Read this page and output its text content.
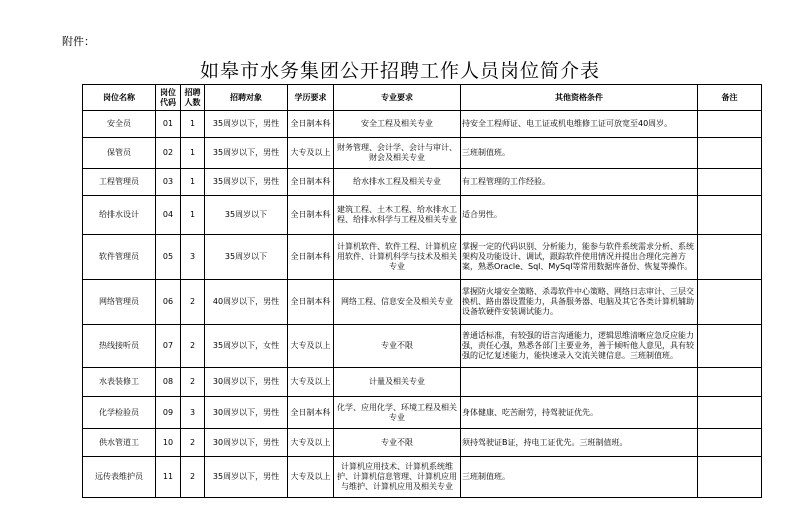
附件：
如皋市水务集团公开招聘工作人员岗位简介表
岗位名称	岗位代码	招聘人数	招聘对象	学历要求	专业要求	其他资格条件	备注
安全员	01	1	35周岁以下，男性	全日制本科	安全工程及相关专业	持安全工程师证、电工证或机电维修工证可放宽至40周岁。	
保管员	02	1	35周岁以下，男性	大专及以上	财务管理、会计学、会计与审计、财会及相关专业	三班制值班。	
工程管理员	03	1	35周岁以下，男性	全日制本科	给水排水工程及相关专业	有工程管理的工作经验。	
给排水设计	04	1	35周岁以下	全日制本科	建筑工程、土木工程、给水排水工程、给排水科学与工程及相关专业	适合男性。	
软件管理员	05	3	35周岁以下	全日制本科	计算机软件、软件工程、计算机应用软件、计算机科学与技术及相关专业	掌握一定的代码识别、分析能力，能参与软件系统需求分析、系统架构及功能设计、调试，跟踪软件使用情况并提出合理化完善方案，熟悉Oracle、Sql、MySql等常用数据库备份、恢复等操作。	
网络管理员	06	2	40周岁以下，男性	全日制本科	网络工程、信息安全及相关专业	掌握防火墙安全策略、杀毒软件中心策略、网络日志审计、三层交换机、路由器设置能力，具备服务器、电脑及其它各类计算机辅助设备软硬件安装调试能力。	
热线接听员	07	2	35周岁以下，女性	大专及以上	专业不限	普通话标准，有较强的语言沟通能力，逻辑思维清晰应急反应能力强，责任心强，熟悉各部门主要业务，善于倾听他人意见，具有较强的记忆复述能力，能快速录入交流关键信息。三班制值班。	
水表装修工	08	2	30周岁以下，男性	大专及以上	计量及相关专业		
化学检验员	09	3	30周岁以下，男性	全日制本科	化学、应用化学、环境工程及相关专业	身体健康、吃苦耐劳，持驾驶证优先。	
供水管道工	10	2	30周岁以下，男性	大专及以上	专业不限	须持驾驶证B证，持电工证优先。三班制值班。	
远传表维护员	11	2	35周岁以下，男性	大专及以上	计算机应用技术、计算机系统维护、计算机信息管理、计算机应用与维护、计算机应用及相关专业	三班制值班。	
